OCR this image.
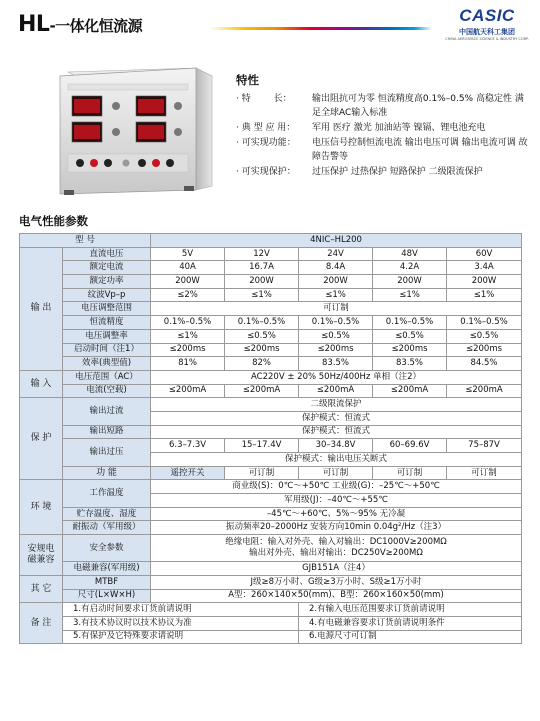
HL-一体化恒流源
CASIC
中国航天科工集团
CHINA AEROSPACE SCIENCE & INDUSTRY CORP.
特性
· 特        长：	输出阻抗可为零 恒流精度高0.1%–0.5% 高稳定性 满足全球AC输入标准
· 典 型 应 用：	军用 医疗 激光 加油站等 镍镉、锂电池充电
· 可实现功能：	电压信号控制恒流电流 输出电压可调 输出电流可调 故障告警等
· 可实现保护：	过压保护 过热保护 短路保护 二级限流保护
电气性能参数
型 号		4NIC–HL200					
输 出	直流电压	5V	12V	24V	48V	60V	
	额定电流	40A	16.7A	8.4A	4.2A	3.4A	
	额定功率	200W	200W	200W	200W	200W	
	纹波Vp–p	≤2%	≤1%	≤1%	≤1%	≤1%	
	电压调整范围	可订制					
	恒流精度	0.1%–0.5%	0.1%–0.5%	0.1%–0.5%	0.1%–0.5%	0.1%–0.5%	
	电压调整率	≤1%	≤0.5%	≤0.5%	≤0.5%	≤0.5%	
	启动时间（注1）	≤200ms	≤200ms	≤200ms	≤200ms	≤200ms	
	效率(典型值)	81%	82%	83.5%	83.5%	84.5%	
输 入	电压范围（AC）	AC220V ± 20% 50Hz/400Hz 单相（注2）					
	电流(空载)	≤200mA	≤200mA	≤200mA	≤200mA	≤200mA	
保 护	输出过流	二级限流保护					
		保护模式：恒流式					
	输出短路	保护模式：恒流式					
	输出过压	6.3–7.3V	15–17.4V	30–34.8V	60–69.6V	75–87V	
		保护模式：输出电压关断式					
	功 能	遥控开关	可订制	可订制	可订制	可订制	
环 境	工作温度	商业级(S)：0℃～+50℃ 工业级(G)：–25℃～+50℃					
		军用级(J)：–40℃～+55℃					
	贮存温度、湿度	–45℃～+60℃、5%～95% 无冷凝					
	耐振动（军用级）	振动频率20–2000Hz 安装方向10min 0.04g²/Hz（注3）					
安规电
磁兼容	安全参数	绝缘电阻：输入对外壳、输入对输出：DC1000V≥200MΩ
输出对外壳、输出对输出：DC250V≥200MΩ					
	电磁兼容(军用级)	GJB151A（注4）					
其 它	MTBF	J级≥8万小时、G级≥3万小时、S级≥1万小时					
	尺寸(L×W×H)	A型：260×140×50(mm)、B型：260×160×50(mm)					
备 注	1.有启动时间要求订货前请说明			2.有输入电压范围要求订货前请说明			
	3.有技术协议时以技术协议为准			4.有电磁兼容要求订货前请说明条件			
	5.有保护及它特殊要求请说明			6.电源尺寸可订制			
